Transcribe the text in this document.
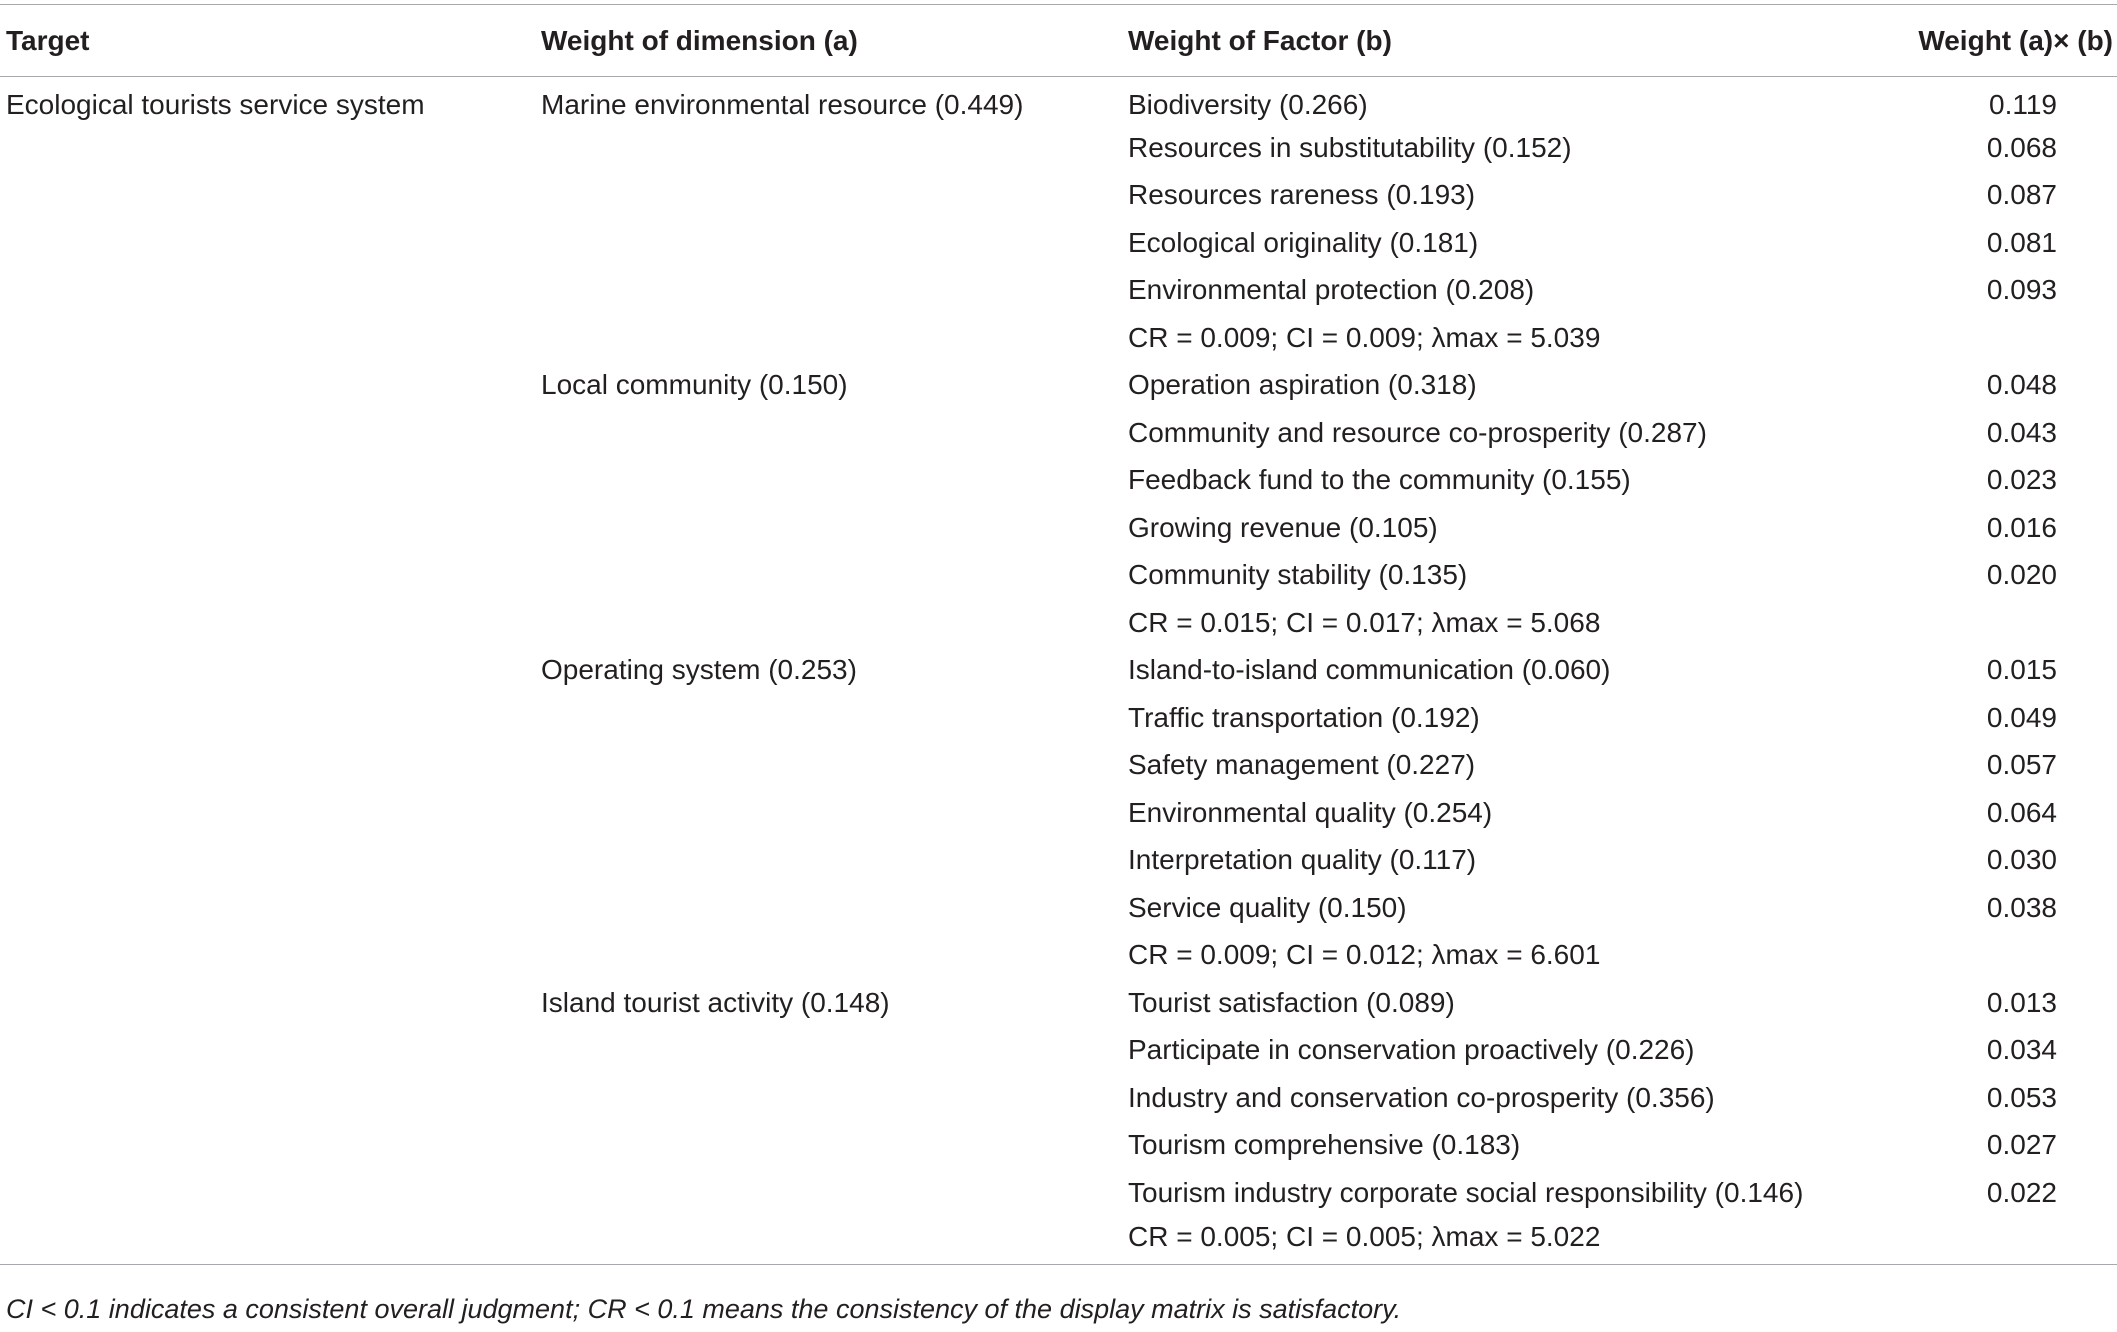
Target	Weight of dimension (a)	Weight of Factor (b)	Weight (a)× (b)
Ecological tourists service system	Marine environmental resource (0.449)	Biodiversity (0.266)	0.119
		Resources in substitutability (0.152)	0.068
		Resources rareness (0.193)	0.087
		Ecological originality (0.181)	0.081
		Environmental protection (0.208)	0.093
		CR = 0.009; CI = 0.009; λmax = 5.039	
	Local community (0.150)	Operation aspiration (0.318)	0.048
		Community and resource co-prosperity (0.287)	0.043
		Feedback fund to the community (0.155)	0.023
		Growing revenue (0.105)	0.016
		Community stability (0.135)	0.020
		CR = 0.015; CI = 0.017; λmax = 5.068	
	Operating system (0.253)	Island-to-island communication (0.060)	0.015
		Traffic transportation (0.192)	0.049
		Safety management (0.227)	0.057
		Environmental quality (0.254)	0.064
		Interpretation quality (0.117)	0.030
		Service quality (0.150)	0.038
		CR = 0.009; CI = 0.012; λmax = 6.601	
	Island tourist activity (0.148)	Tourist satisfaction (0.089)	0.013
		Participate in conservation proactively (0.226)	0.034
		Industry and conservation co-prosperity (0.356)	0.053
		Tourism comprehensive (0.183)	0.027
		Tourism industry corporate social responsibility (0.146)	0.022
		CR = 0.005; CI = 0.005; λmax = 5.022	
CI < 0.1 indicates a consistent overall judgment; CR < 0.1 means the consistency of the display matrix is satisfactory.
